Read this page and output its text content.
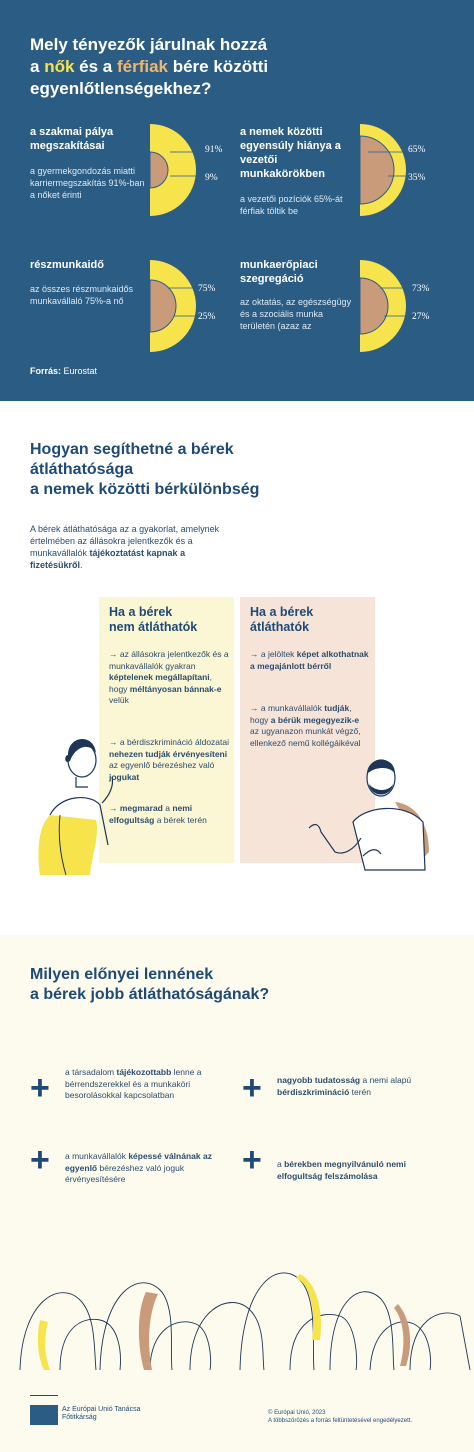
Mely tényezők járulnak hozzá
a nők és a férfiak bére közötti
egyenlőtlenségekhez?
a szakmai pálya megszakításai
a gyermekgondozás miatti karriermegszakítás 91%-ban a nőket érinti
91%
9%
a nemek közötti egyensúly hiánya a vezetői munkakörökben
a vezetői pozíciók 65%-át férfiak töltik be
65%
35%
részmunkaidő
az összes részmunkaidős munkavállaló 75%-a nő
75%
25%
munkaerőpiaci szegregáció
az oktatás, az egészségügy és a szociális munka területén (azaz az
73%
27%
Forrás: Eurostat
Hogyan segíthetné a bérek
átláthatósága
a nemek közötti bérkülönbség
A bérek átláthatósága az a gyakorlat, amelynek értelmében az állásokra jelentkezők és a munkavállalók tájékoztatást kapnak a fizetésükről.
Ha a bérek
nem átláthatók
→ az állásokra jelentkezők és a munkavállalók gyakran képtelenek megállapítani, hogy méltányosan bánnak-e velük
→ a bérdiszkrimináció áldozatai nehezen tudják érvényesíteni az egyenlő bérezéshez való jogukat
→ megmarad a nemi elfogultság a bérek terén
Ha a bérek
átláthatók
→ a jelöltek képet alkothatnak a megajánlott bérről
→ a munkavállalók tudják, hogy a bérük megegyezik-e az ugyanazon munkát végző, ellenkező nemű kollégáikéval
Milyen előnyei lennének
a bérek jobb átláthatóságának?
+ a társadalom tájékozottabb lenne a bérrendszerekkel és a munkaköri besorolásokkal kapcsolatban	+ nagyobb tudatosság a nemi alapú bérdiszkrimináció terén
+ a munkavállalók képessé válnának az egyenlő bérezéshez való joguk érvényesítésére	+ a bérekben megnyilvánuló nemi elfogultság felszámolása
Az Európai Unió Tanácsa
Főtitkárság
© Európai Unió, 2023
A többszörözés a forrás feltüntetésével engedélyezett.
